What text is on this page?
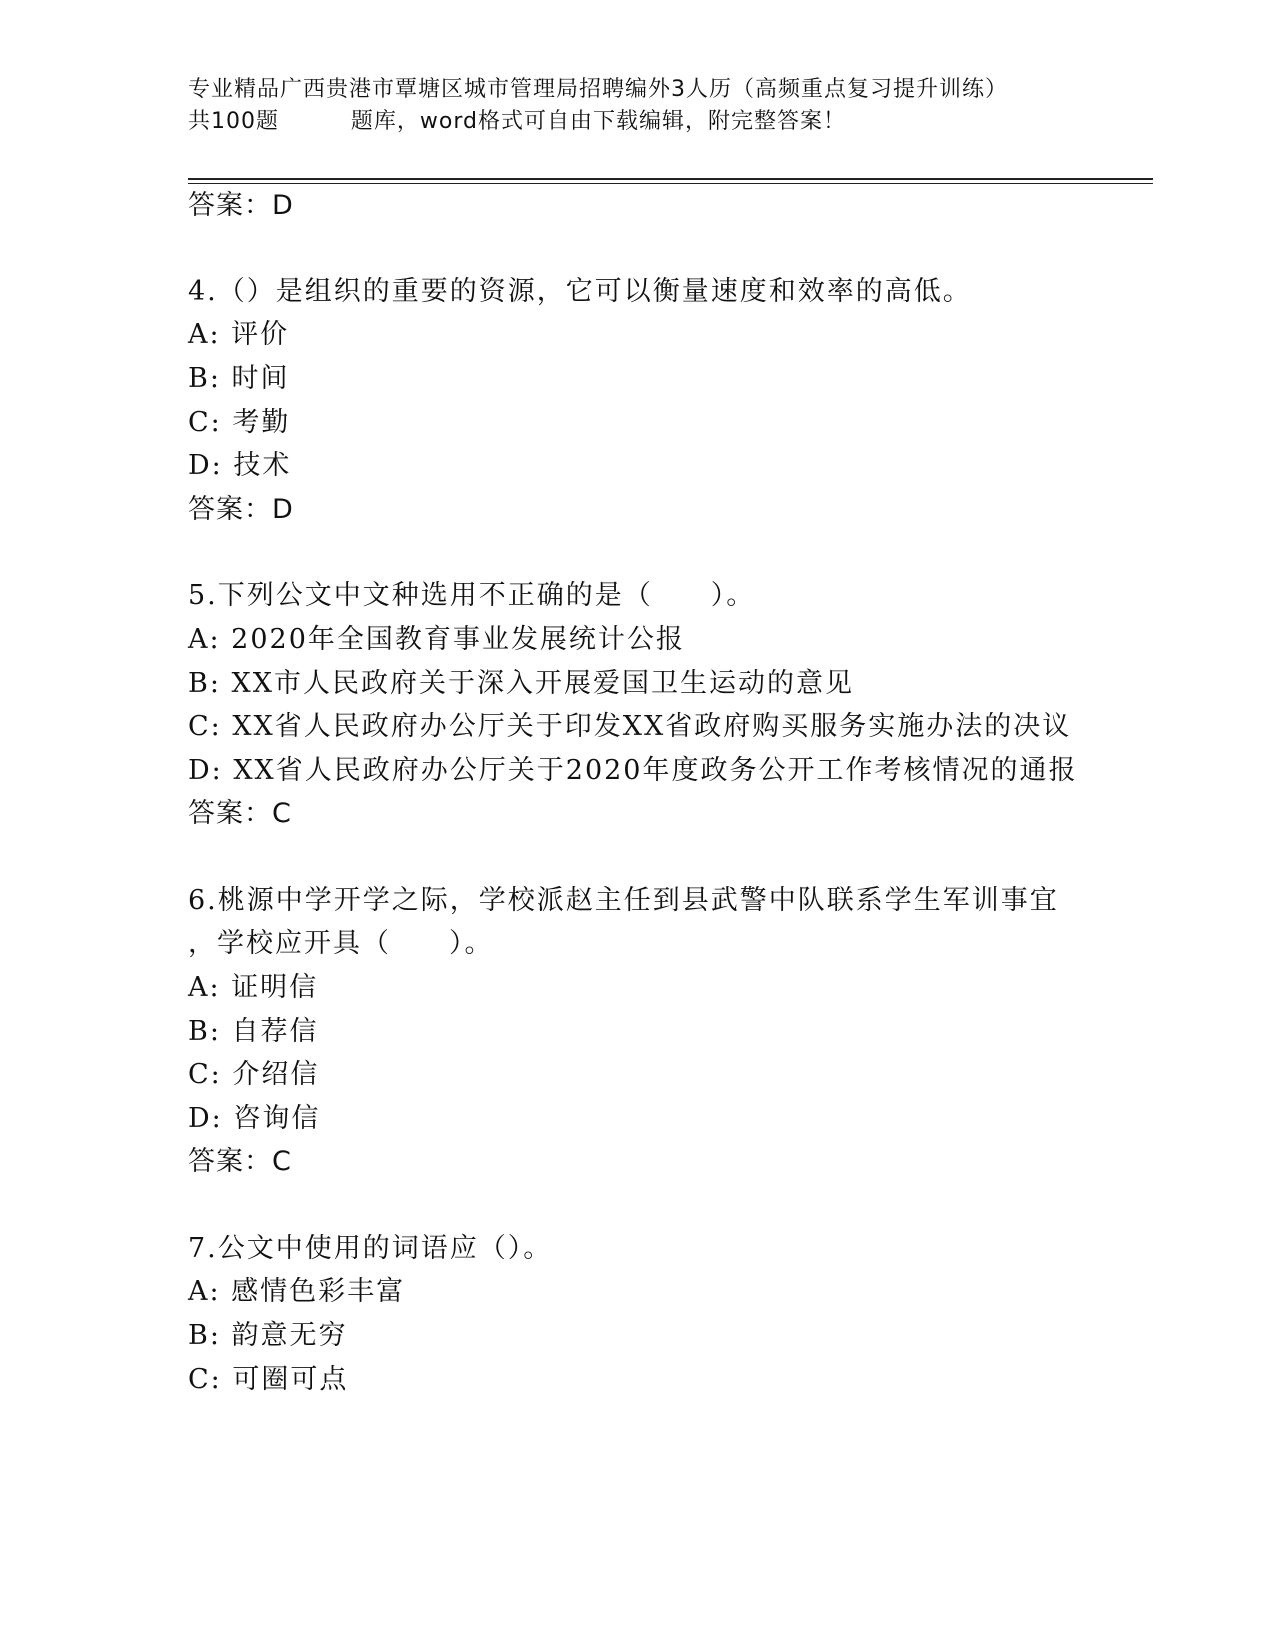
专业精品广西贵港市覃塘区城市管理局招聘编外3人历（高频重点复习提升训练）
共100题         题库，word格式可自由下载编辑，附完整答案！
答案：D
4.（）是组织的重要的资源，它可以衡量速度和效率的高低。
A: 评价
B: 时间
C: 考勤
D: 技术
答案：D
5.下列公文中文种选用不正确的是（　　）。
A: 2020年全国教育事业发展统计公报
B: XX市人民政府关于深入开展爱国卫生运动的意见
C: XX省人民政府办公厅关于印发XX省政府购买服务实施办法的决议
D: XX省人民政府办公厅关于2020年度政务公开工作考核情况的通报
答案：C
6.桃源中学开学之际，学校派赵主任到县武警中队联系学生军训事宜
，学校应开具（　　）。
A: 证明信
B: 自荐信
C: 介绍信
D: 咨询信
答案：C
7.公文中使用的词语应（）。
A: 感情色彩丰富
B: 韵意无穷
C: 可圈可点
